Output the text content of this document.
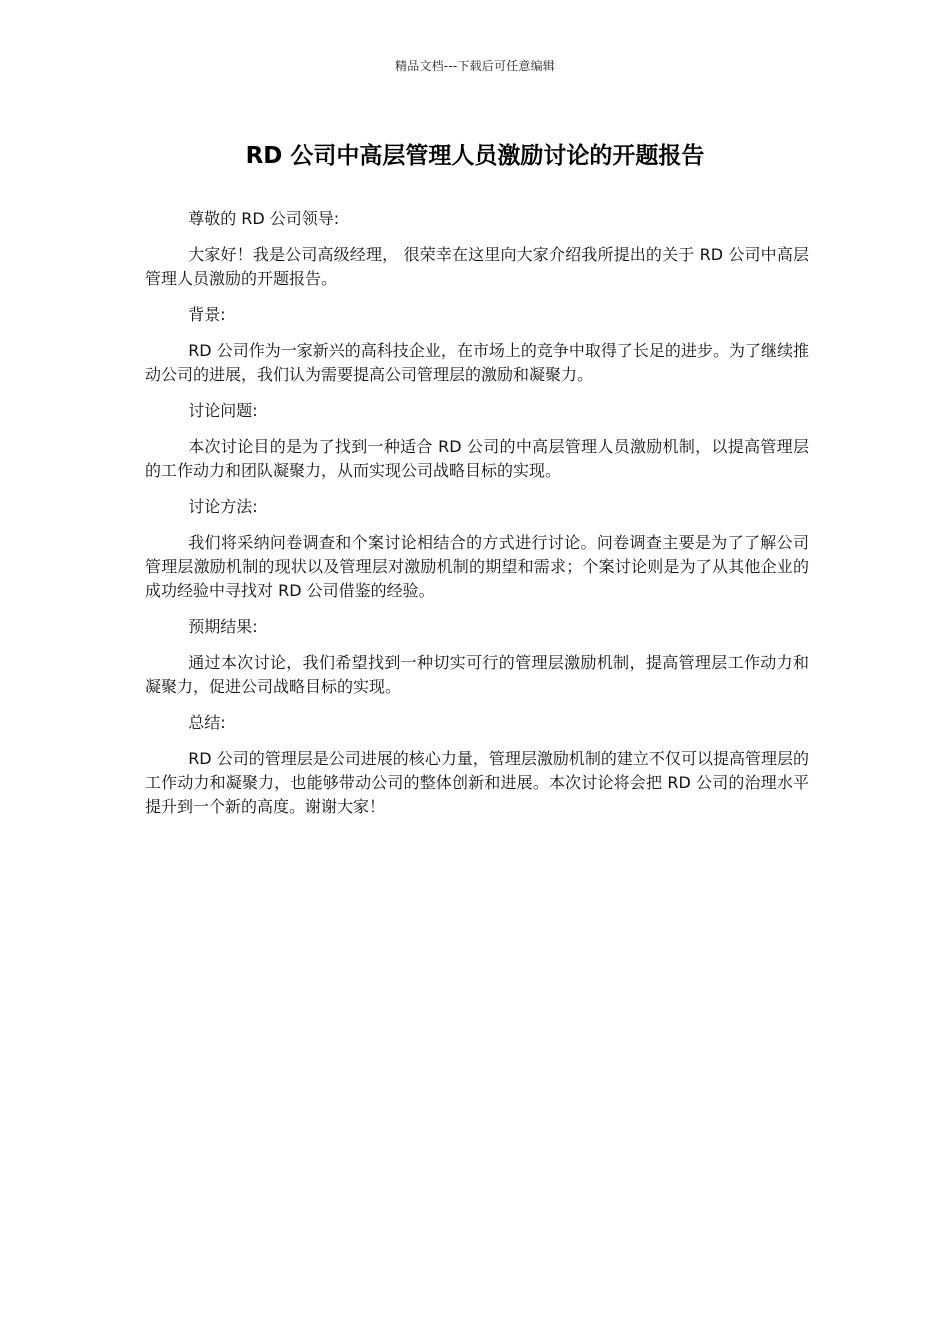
精品文档---下载后可任意编辑
RD 公司中高层管理人员激励讨论的开题报告

尊敬的 RD 公司领导:

大家好！我是公司高级经理， 很荣幸在这里向大家介绍我所提出的关于 RD 公司中高层管理人员激励的开题报告。

背景:

RD 公司作为一家新兴的高科技企业，在市场上的竞争中取得了长足的进步。为了继续推动公司的进展，我们认为需要提高公司管理层的激励和凝聚力。

讨论问题:

本次讨论目的是为了找到一种适合 RD 公司的中高层管理人员激励机制，以提高管理层的工作动力和团队凝聚力，从而实现公司战略目标的实现。

讨论方法:

我们将采纳问卷调查和个案讨论相结合的方式进行讨论。问卷调查主要是为了了解公司管理层激励机制的现状以及管理层对激励机制的期望和需求；个案讨论则是为了从其他企业的成功经验中寻找对 RD 公司借鉴的经验。

预期结果:

通过本次讨论，我们希望找到一种切实可行的管理层激励机制，提高管理层工作动力和凝聚力，促进公司战略目标的实现。

总结:

RD 公司的管理层是公司进展的核心力量，管理层激励机制的建立不仅可以提高管理层的工作动力和凝聚力，也能够带动公司的整体创新和进展。本次讨论将会把 RD 公司的治理水平提升到一个新的高度。谢谢大家！
